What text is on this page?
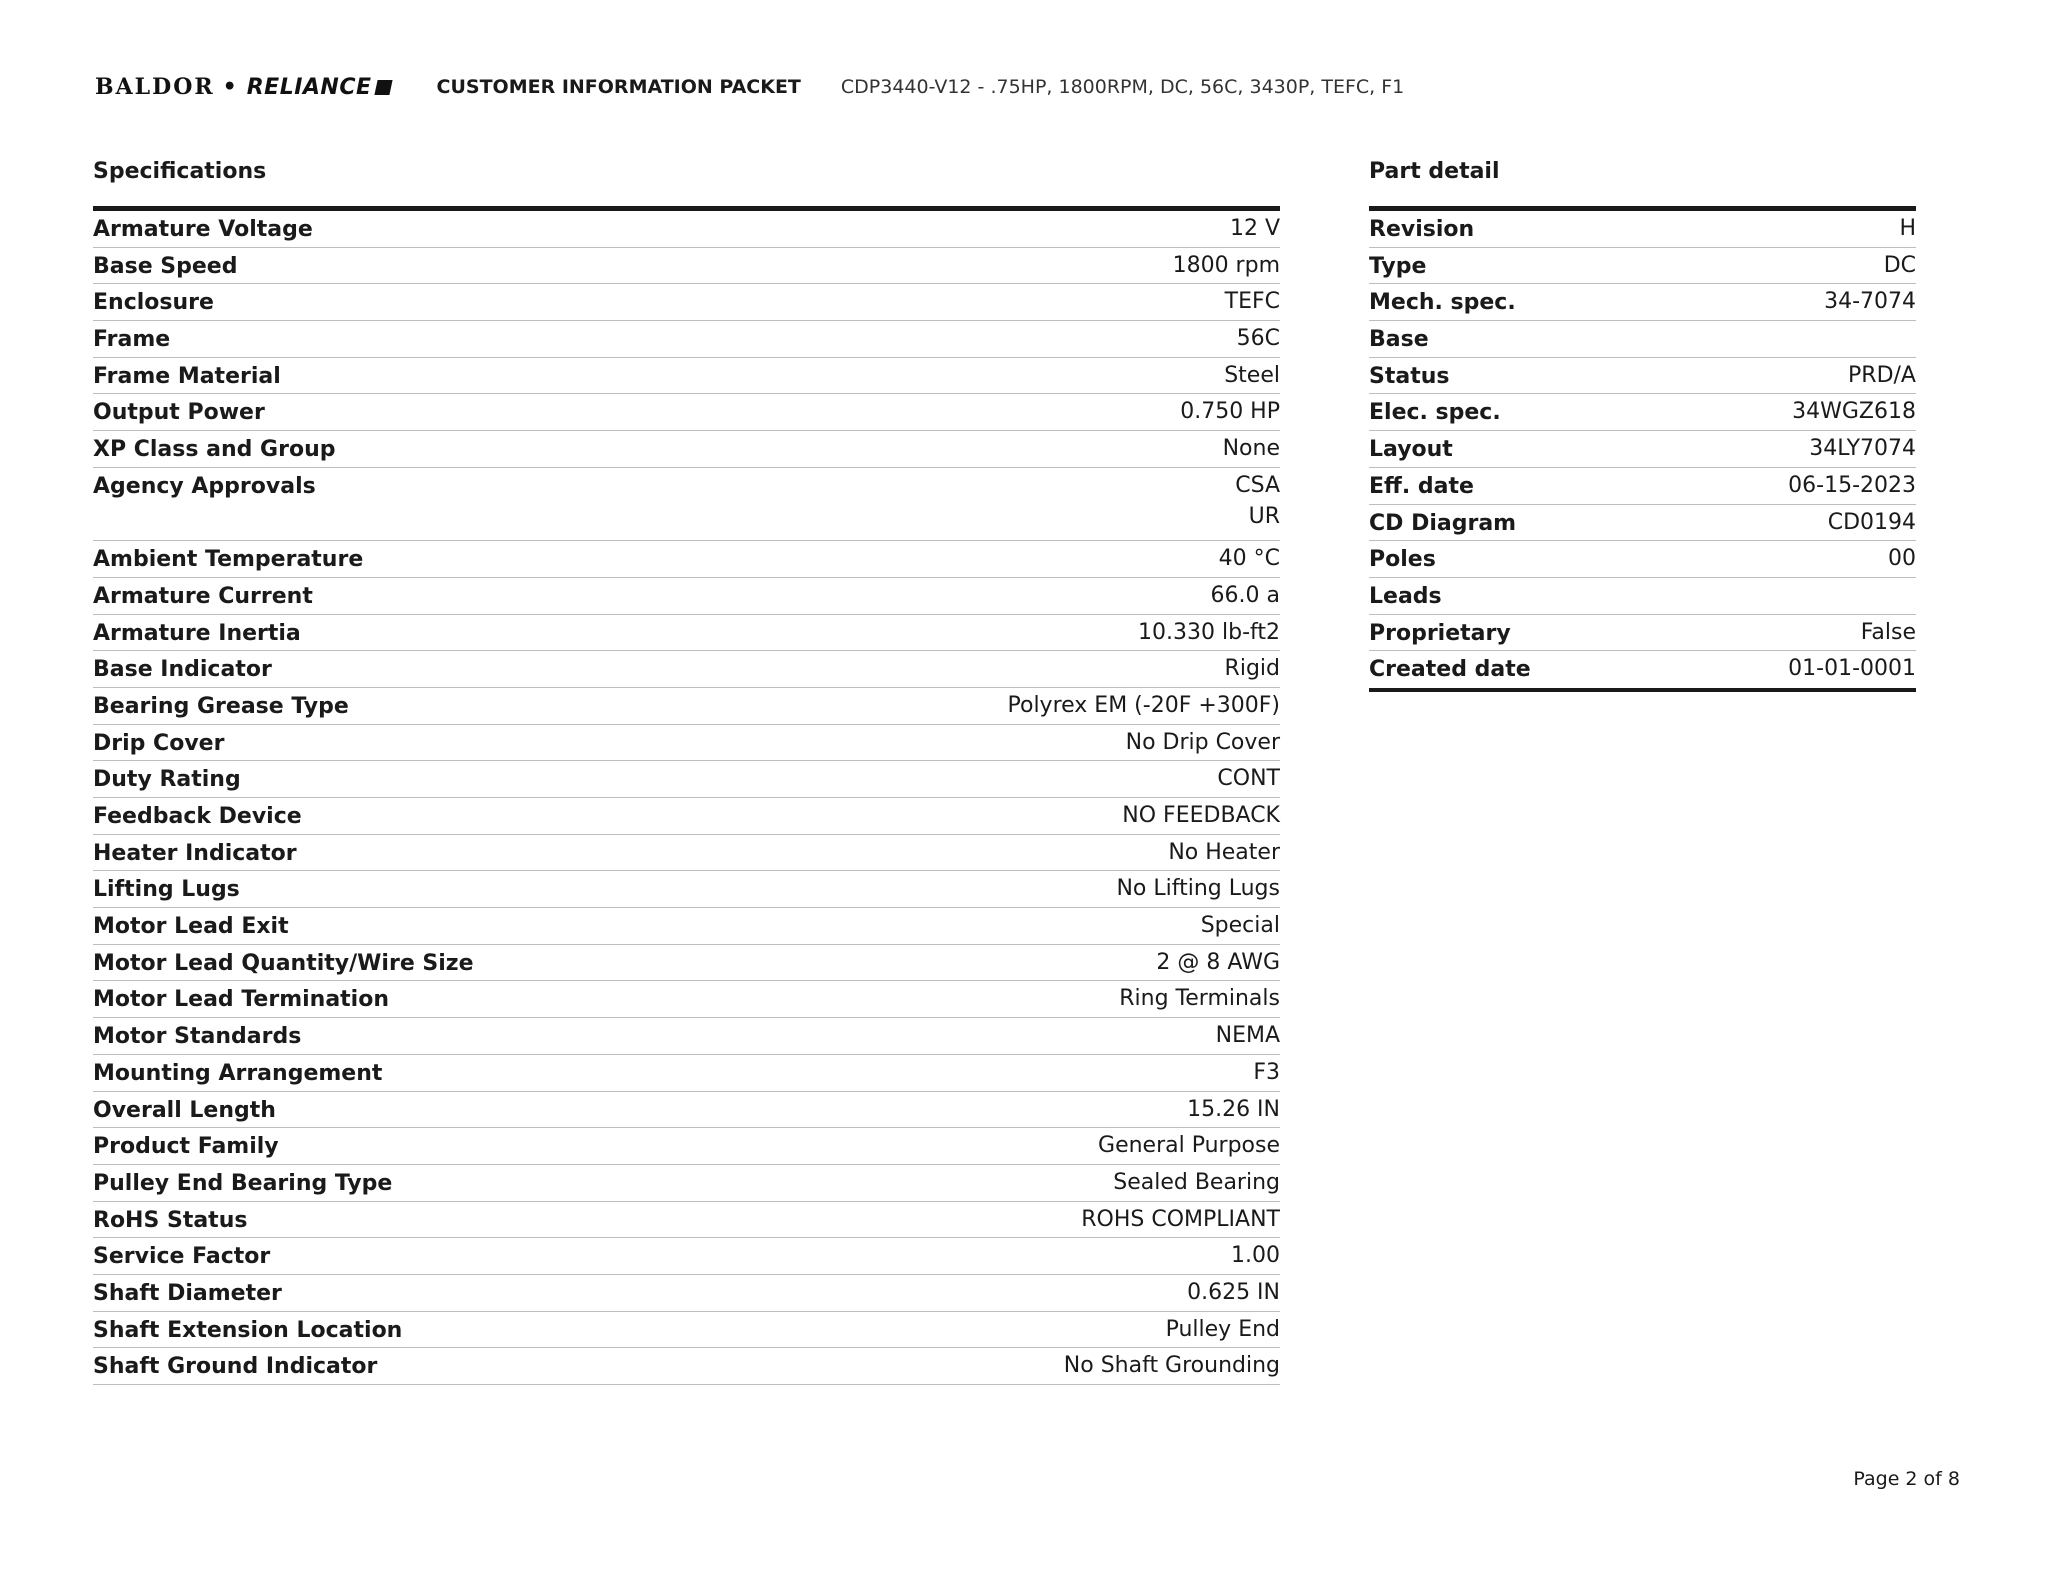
BALDOR • RELIANCE	CUSTOMER INFORMATION PACKET CDP3440-V12 - .75HP, 1800RPM, DC, 56C, 3430P, TEFC, F1
Specifications
Armature Voltage	12 V
Base Speed	1800 rpm
Enclosure	TEFC
Frame	56C
Frame Material	Steel
Output Power	0.750 HP
XP Class and Group	None
Agency Approvals	CSA
UR
Ambient Temperature	40 °C
Armature Current	66.0 a
Armature Inertia	10.330 lb-ft2
Base Indicator	Rigid
Bearing Grease Type	Polyrex EM (-20F +300F)
Drip Cover	No Drip Cover
Duty Rating	CONT
Feedback Device	NO FEEDBACK
Heater Indicator	No Heater
Lifting Lugs	No Lifting Lugs
Motor Lead Exit	Special
Motor Lead Quantity/Wire Size	2 @ 8 AWG
Motor Lead Termination	Ring Terminals
Motor Standards	NEMA
Mounting Arrangement	F3
Overall Length	15.26 IN
Product Family	General Purpose
Pulley End Bearing Type	Sealed Bearing
RoHS Status	ROHS COMPLIANT
Service Factor	1.00
Shaft Diameter	0.625 IN
Shaft Extension Location	Pulley End
Shaft Ground Indicator	No Shaft Grounding
Part detail
Revision	H
Type	DC
Mech. spec.	34-7074
Base
Status	PRD/A
Elec. spec.	34WGZ618
Layout	34LY7074
Eff. date	06-15-2023
CD Diagram	CD0194
Poles	00
Leads
Proprietary	False
Created date	01-01-0001
Page 2 of 8
